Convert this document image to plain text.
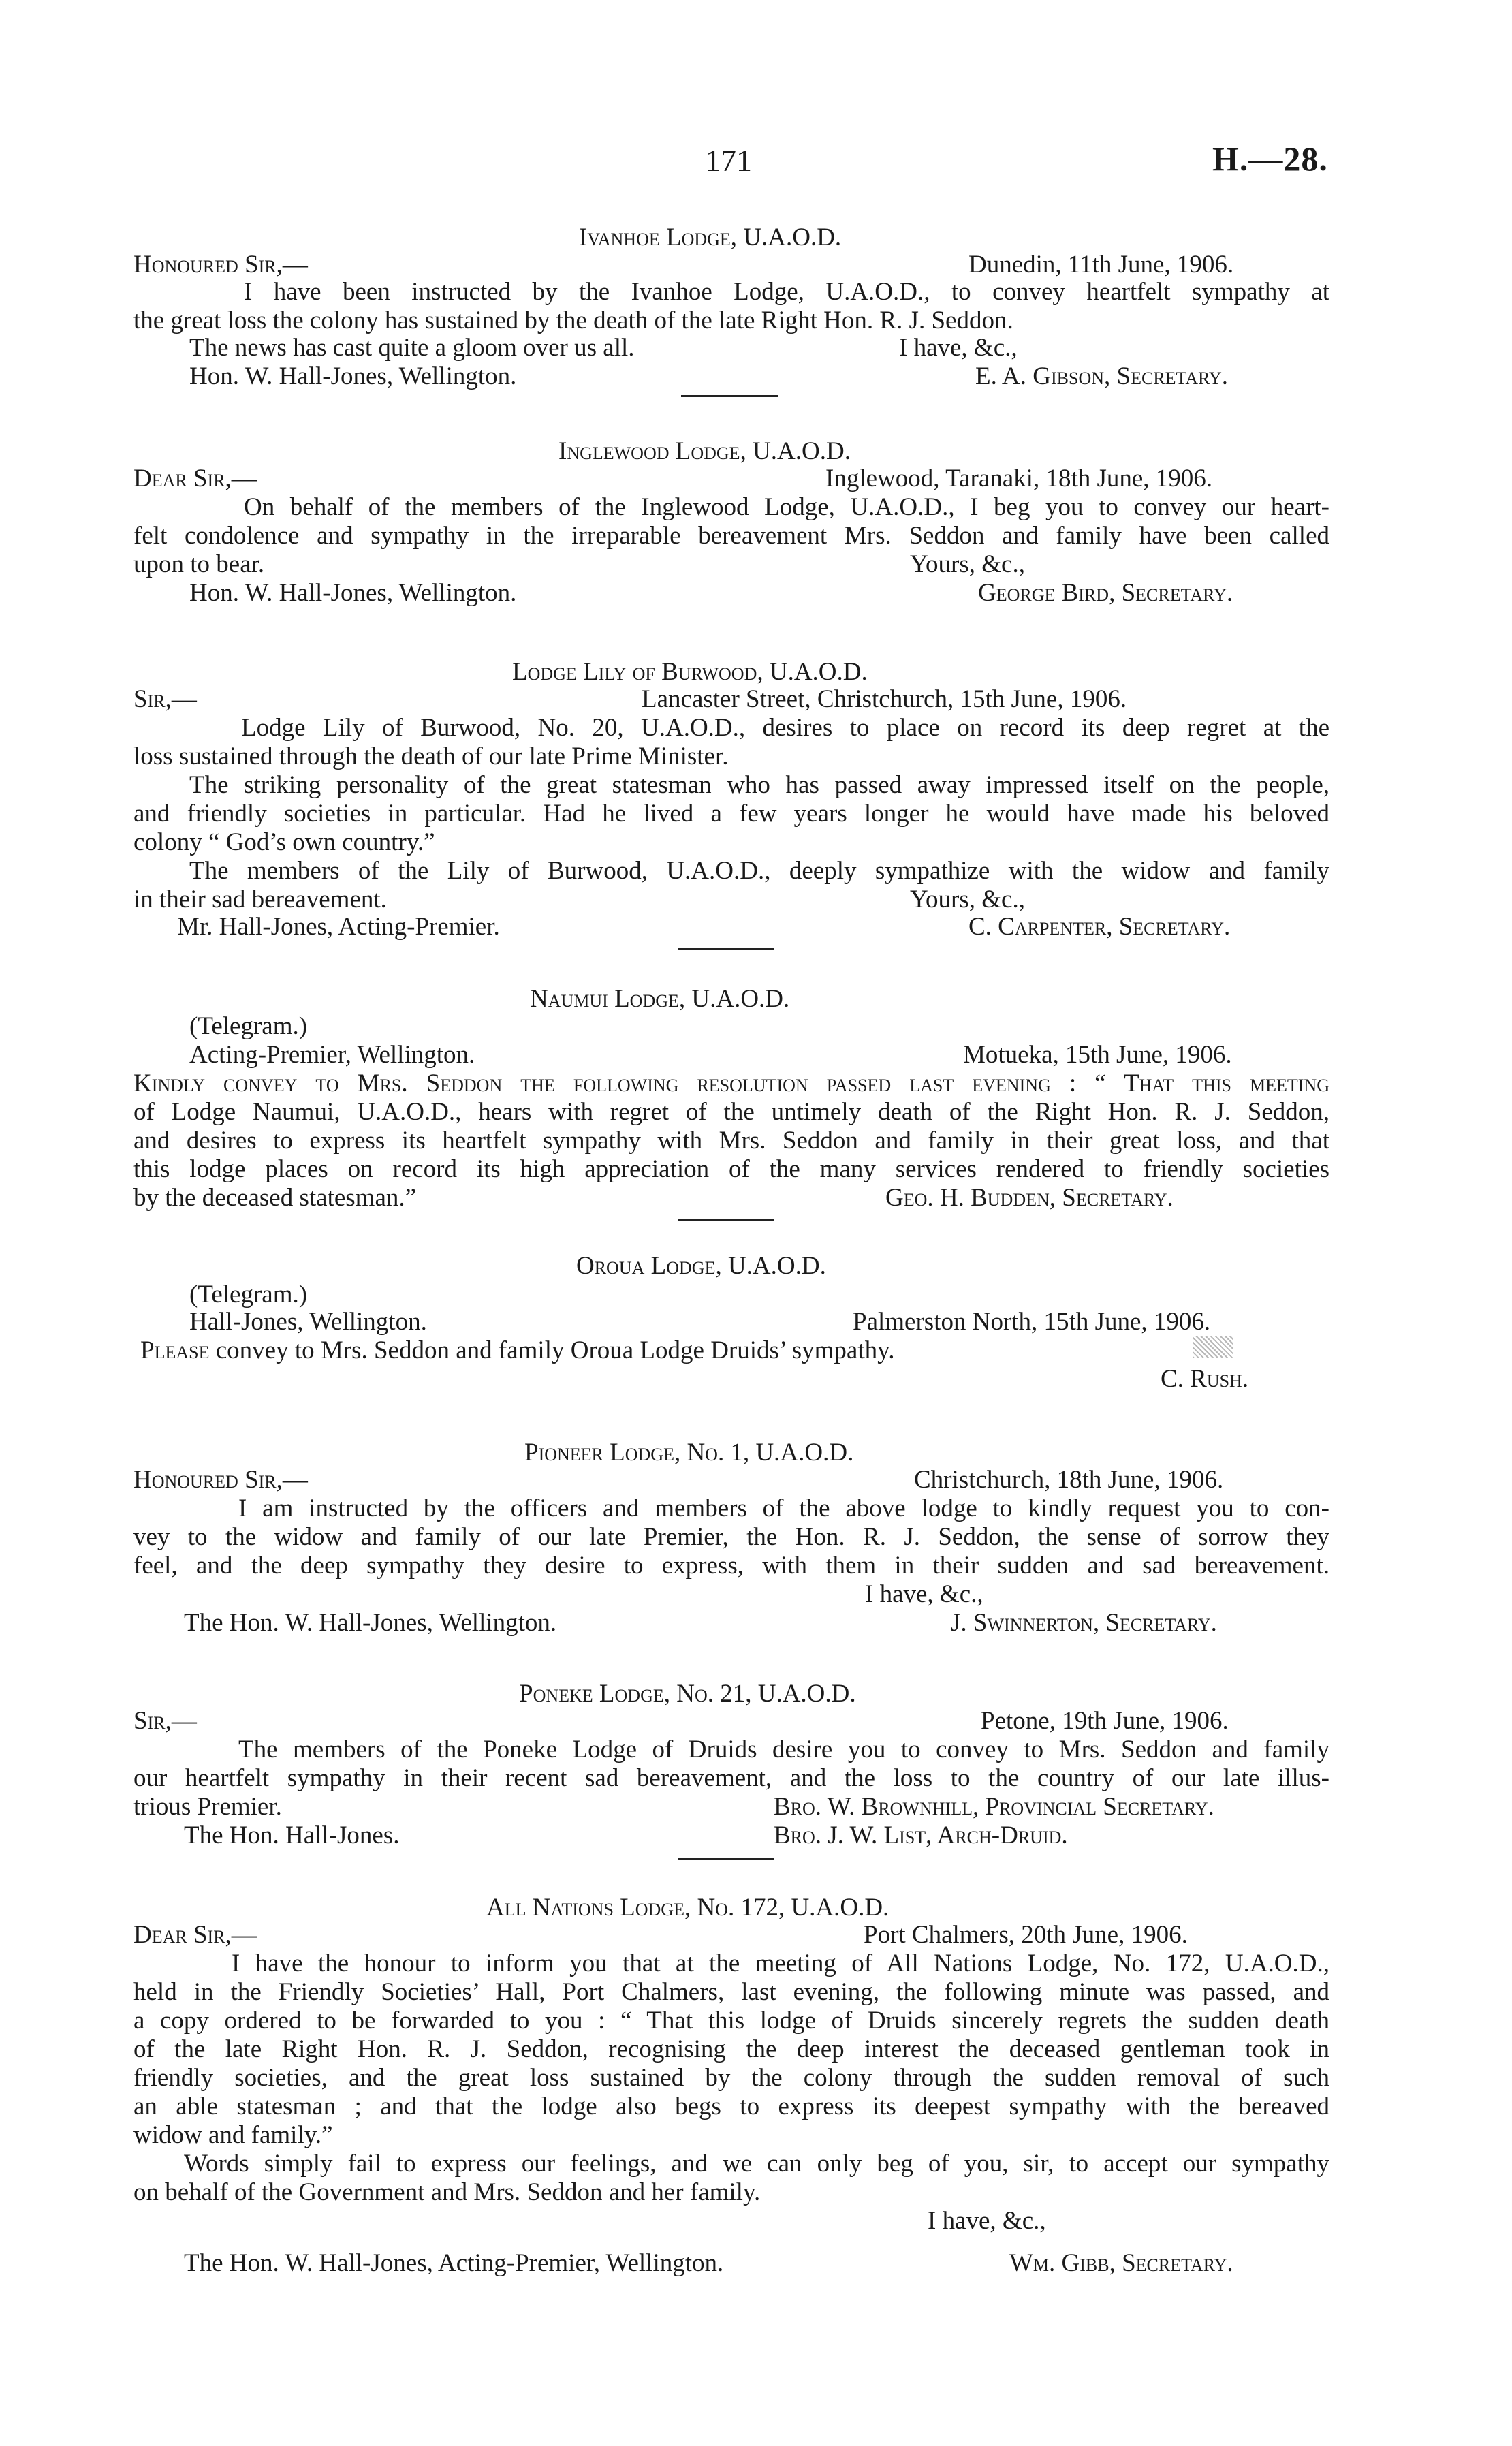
171	H.—28.
Ivanhoe Lodge, U.A.O.D.
Honoured Sir,—	Dunedin, 11th June, 1906.
I have been instructed by the Ivanhoe Lodge, U.A.O.D., to convey heartfelt sympathy at
the great loss the colony has sustained by the death of the late Right Hon. R. J. Seddon.
The news has cast quite a gloom over us all.	I have, &c.,
Hon. W. Hall-Jones, Wellington.	E. A. Gibson, Secretary.
Inglewood Lodge, U.A.O.D.
Dear Sir,—	Inglewood, Taranaki, 18th June, 1906.
On behalf of the members of the Inglewood Lodge, U.A.O.D., I beg you to convey our heart-
felt condolence and sympathy in the irreparable bereavement Mrs. Seddon and family have been called
upon to bear.	Yours, &c.,
Hon. W. Hall-Jones, Wellington.	George Bird, Secretary.
Lodge Lily of Burwood, U.A.O.D.
Sir,—	Lancaster Street, Christchurch, 15th June, 1906.
Lodge Lily of Burwood, No. 20, U.A.O.D., desires to place on record its deep regret at the
loss sustained through the death of our late Prime Minister.
The striking personality of the great statesman who has passed away impressed itself on the people,
and friendly societies in particular. Had he lived a few years longer he would have made his beloved
colony “ God’s own country.”
The members of the Lily of Burwood, U.A.O.D., deeply sympathize with the widow and family
in their sad bereavement.	Yours, &c.,
Mr. Hall-Jones, Acting-Premier.	C. Carpenter, Secretary.
Naumui Lodge, U.A.O.D.
(Telegram.)
Acting-Premier, Wellington.	Motueka, 15th June, 1906.
Kindly convey to Mrs. Seddon the following resolution passed last evening : “ That this meeting
of Lodge Naumui, U.A.O.D., hears with regret of the untimely death of the Right Hon. R. J. Seddon,
and desires to express its heartfelt sympathy with Mrs. Seddon and family in their great loss, and that
this lodge places on record its high appreciation of the many services rendered to friendly societies
by the deceased statesman.”	Geo. H. Budden, Secretary.
Oroua Lodge, U.A.O.D.
(Telegram.)
Hall-Jones, Wellington.	Palmerston North, 15th June, 1906.
Please convey to Mrs. Seddon and family Oroua Lodge Druids’ sympathy.
C. Rush.
Pioneer Lodge, No. 1, U.A.O.D.
Honoured Sir,—	Christchurch, 18th June, 1906.
I am instructed by the officers and members of the above lodge to kindly request you to con-
vey to the widow and family of our late Premier, the Hon. R. J. Seddon, the sense of sorrow they
feel, and the deep sympathy they desire to express, with them in their sudden and sad bereavement.
I have, &c.,
The Hon. W. Hall-Jones, Wellington.	J. Swinnerton, Secretary.
Poneke Lodge, No. 21, U.A.O.D.
Sir,—	Petone, 19th June, 1906.
The members of the Poneke Lodge of Druids desire you to convey to Mrs. Seddon and family
our heartfelt sympathy in their recent sad bereavement, and the loss to the country of our late illus-
trious Premier.	Bro. W. Brownhill, Provincial Secretary.
The Hon. Hall-Jones.	Bro. J. W. List, Arch-Druid.
All Nations Lodge, No. 172, U.A.O.D.
Dear Sir,—	Port Chalmers, 20th June, 1906.
I have the honour to inform you that at the meeting of All Nations Lodge, No. 172, U.A.O.D.,
held in the Friendly Societies’ Hall, Port Chalmers, last evening, the following minute was passed, and
a copy ordered to be forwarded to you : “ That this lodge of Druids sincerely regrets the sudden death
of the late Right Hon. R. J. Seddon, recognising the deep interest the deceased gentleman took in
friendly societies, and the great loss sustained by the colony through the sudden removal of such
an able statesman ; and that the lodge also begs to express its deepest sympathy with the bereaved
widow and family.”
Words simply fail to express our feelings, and we can only beg of you, sir, to accept our sympathy
on behalf of the Government and Mrs. Seddon and her family.
I have, &c.,
The Hon. W. Hall-Jones, Acting-Premier, Wellington.	Wm. Gibb, Secretary.
